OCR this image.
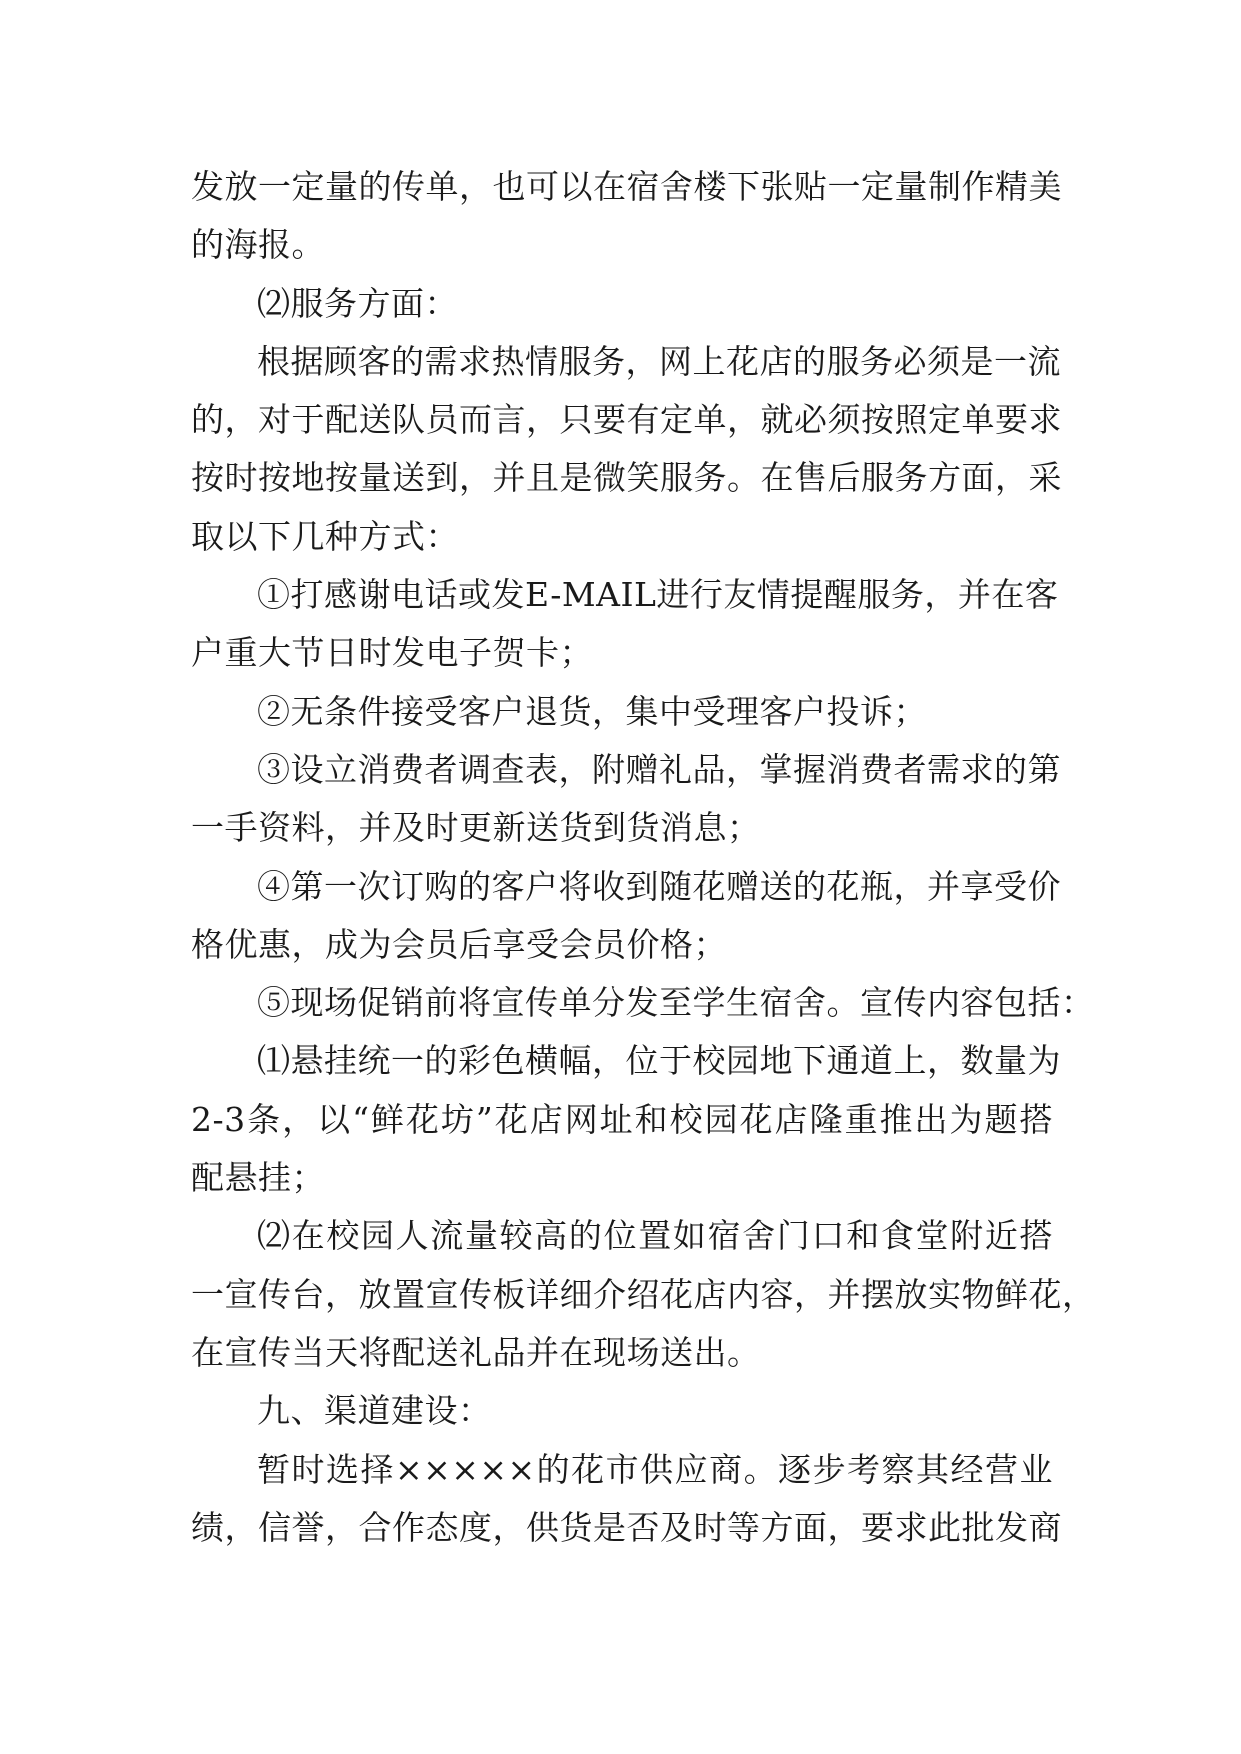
发放一定量的传单，也可以在宿舍楼下张贴一定量制作精美
的海报。
⑵服务方面：
根据顾客的需求热情服务，网上花店的服务必须是一流
的，对于配送队员而言，只要有定单，就必须按照定单要求
按时按地按量送到，并且是微笑服务。在售后服务方面，采
取以下几种方式：
①打感谢电话或发E-MAIL进行友情提醒服务，并在客
户重大节日时发电子贺卡；
②无条件接受客户退货，集中受理客户投诉；
③设立消费者调查表，附赠礼品，掌握消费者需求的第
一手资料，并及时更新送货到货消息；
④第一次订购的客户将收到随花赠送的花瓶，并享受价
格优惠，成为会员后享受会员价格；
⑤现场促销前将宣传单分发至学生宿舍。宣传内容包括：
⑴悬挂统一的彩色横幅，位于校园地下通道上，数量为
2-3条，以“鲜花坊”花店网址和校园花店隆重推出为题搭
配悬挂；
⑵在校园人流量较高的位置如宿舍门口和食堂附近搭
一宣传台，放置宣传板详细介绍花店内容，并摆放实物鲜花，
在宣传当天将配送礼品并在现场送出。
九、渠道建设：
暂时选择×××××的花市供应商。逐步考察其经营业
绩，信誉，合作态度，供货是否及时等方面，要求此批发商
